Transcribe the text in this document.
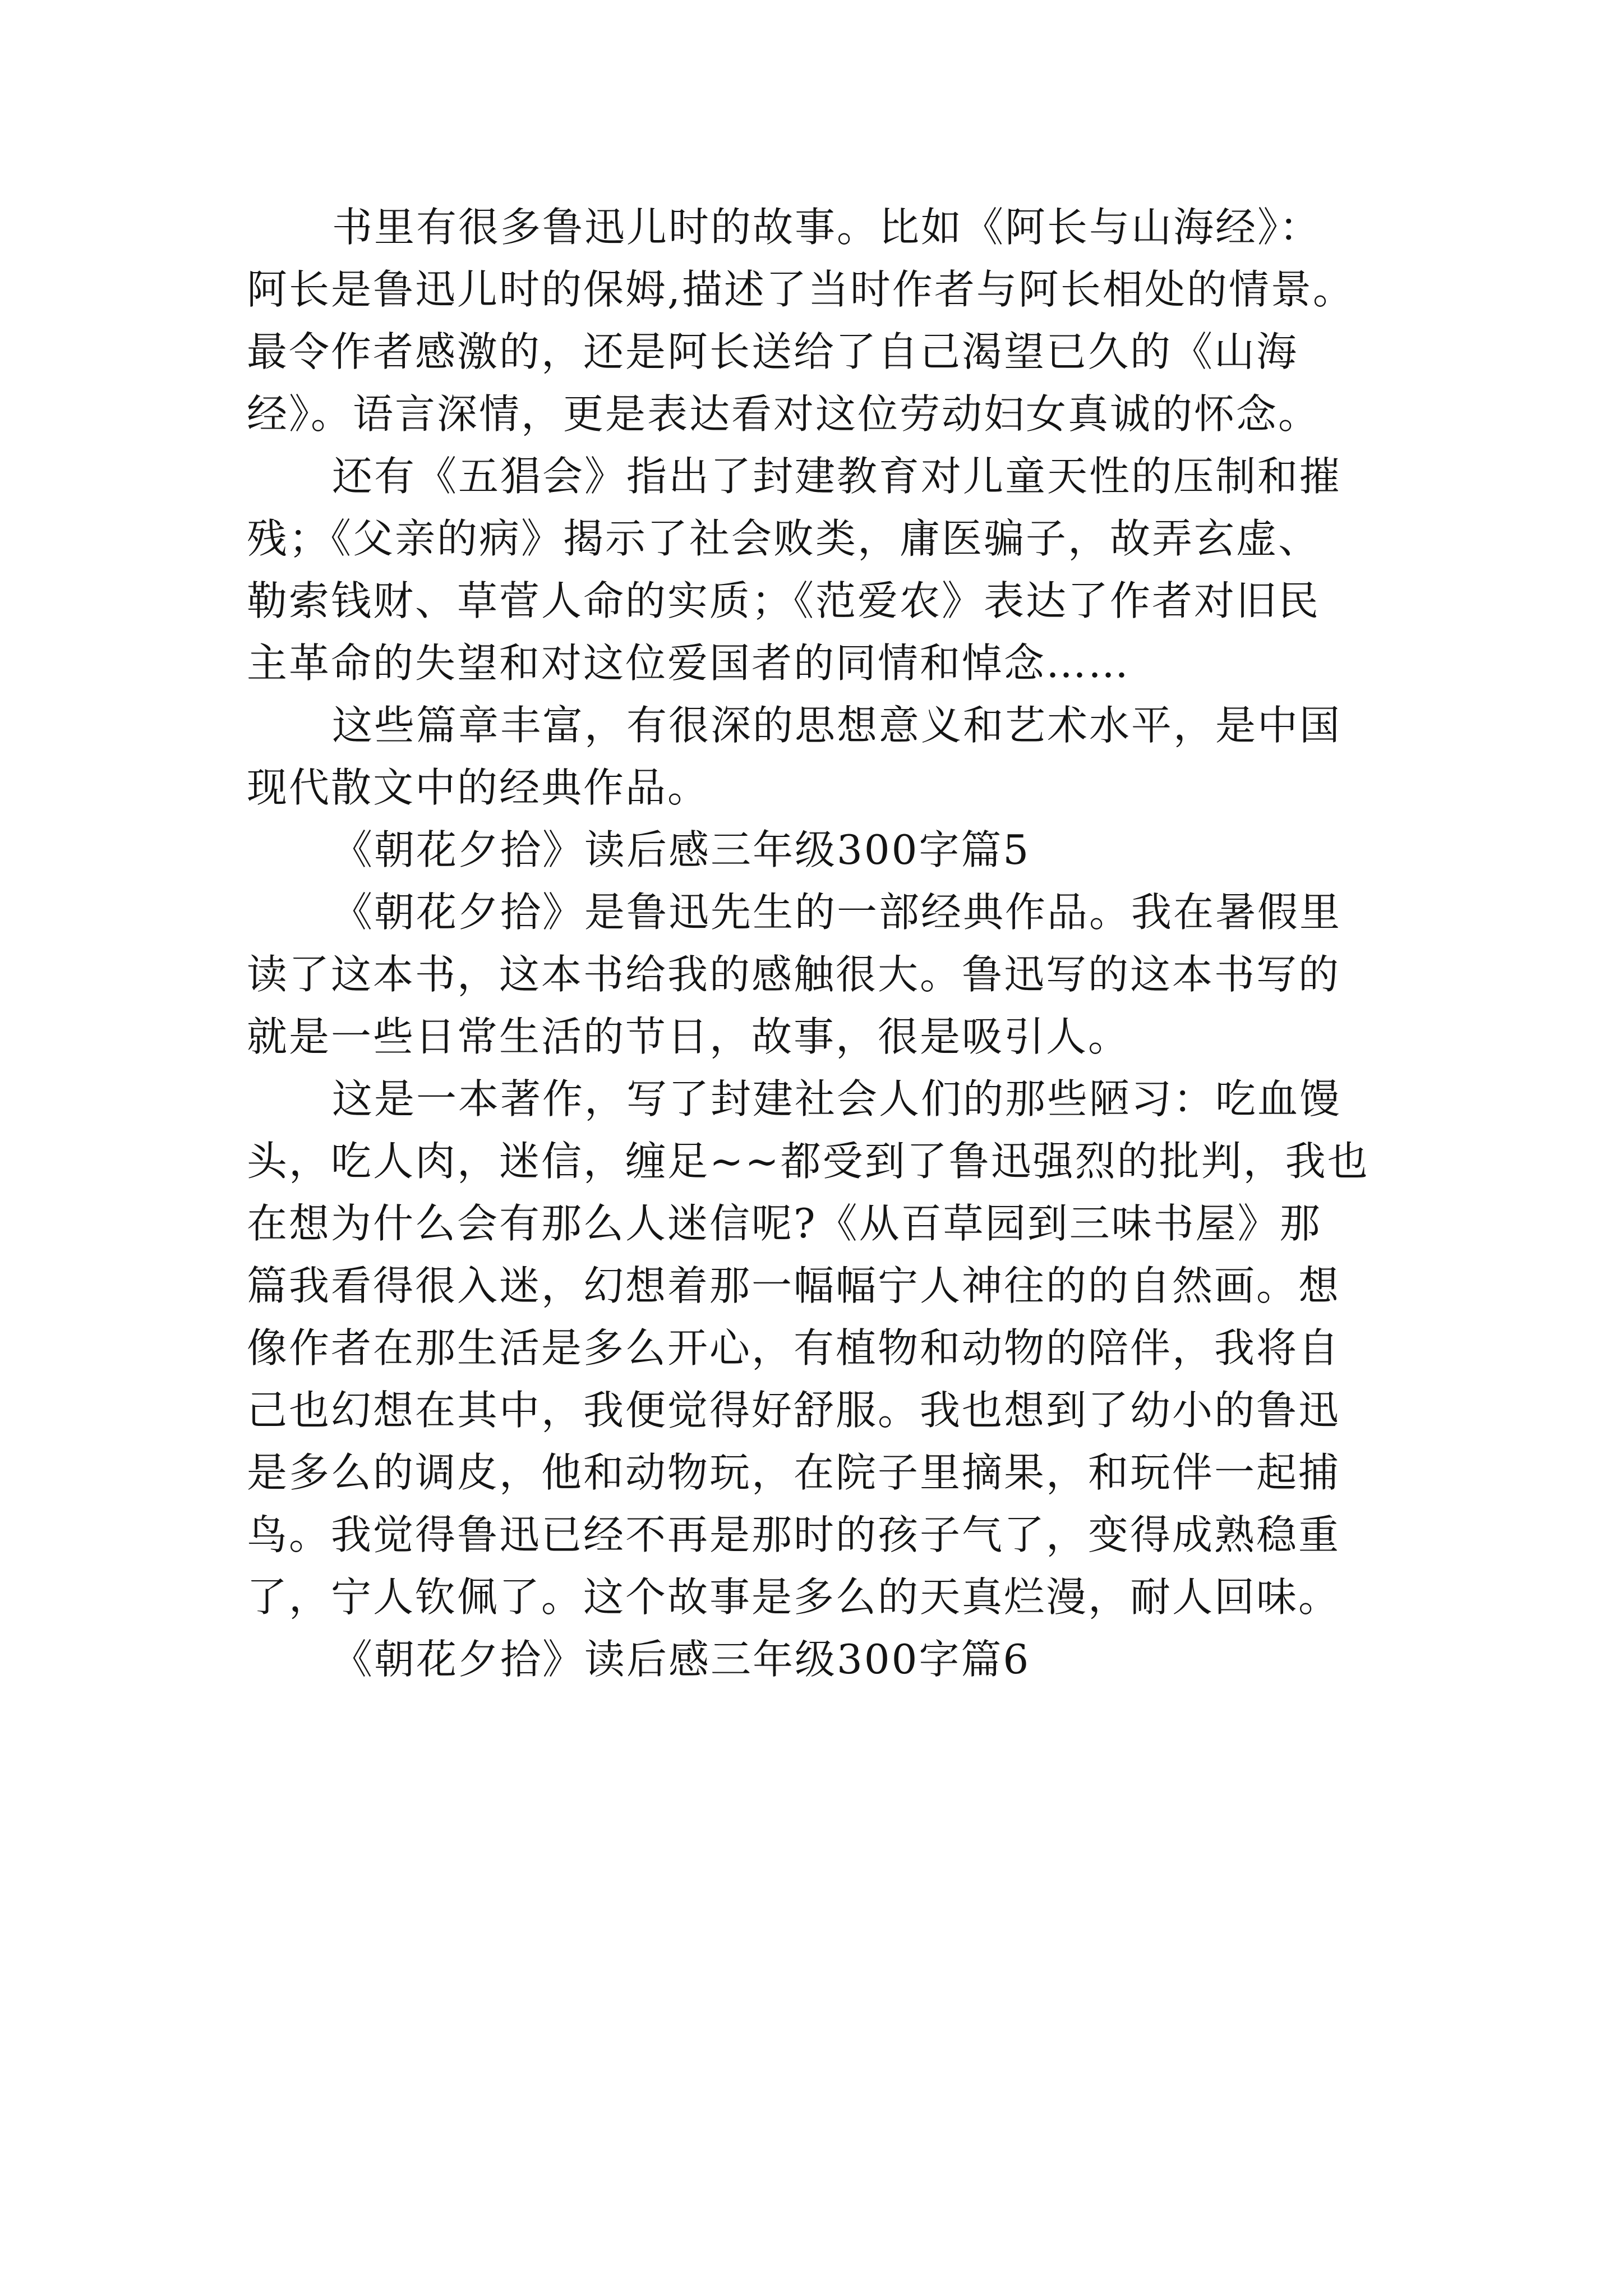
书里有很多鲁迅儿时的故事。比如《阿长与山海经》：
阿长是鲁迅儿时的保姆,描述了当时作者与阿长相处的情景。
最令作者感激的，还是阿长送给了自己渴望已久的《山海
经》。语言深情，更是表达看对这位劳动妇女真诚的怀念。
还有《五猖会》指出了封建教育对儿童天性的压制和摧
残；《父亲的病》揭示了社会败类，庸医骗子，故弄玄虚、
勒索钱财、草菅人命的实质；《范爱农》表达了作者对旧民
主革命的失望和对这位爱国者的同情和悼念……
这些篇章丰富，有很深的思想意义和艺术水平，是中国
现代散文中的经典作品。
《朝花夕拾》读后感三年级300字篇5
《朝花夕拾》是鲁迅先生的一部经典作品。我在暑假里
读了这本书，这本书给我的感触很大。鲁迅写的这本书写的
就是一些日常生活的节日，故事，很是吸引人。
这是一本著作，写了封建社会人们的那些陋习：吃血馒
头，吃人肉，迷信，缠足~~都受到了鲁迅强烈的批判，我也
在想为什么会有那么人迷信呢?《从百草园到三味书屋》那
篇我看得很入迷，幻想着那一幅幅宁人神往的的自然画。想
像作者在那生活是多么开心，有植物和动物的陪伴，我将自
己也幻想在其中，我便觉得好舒服。我也想到了幼小的鲁迅
是多么的调皮，他和动物玩，在院子里摘果，和玩伴一起捕
鸟。我觉得鲁迅已经不再是那时的孩子气了，变得成熟稳重
了，宁人钦佩了。这个故事是多么的天真烂漫，耐人回味。
《朝花夕拾》读后感三年级300字篇6
